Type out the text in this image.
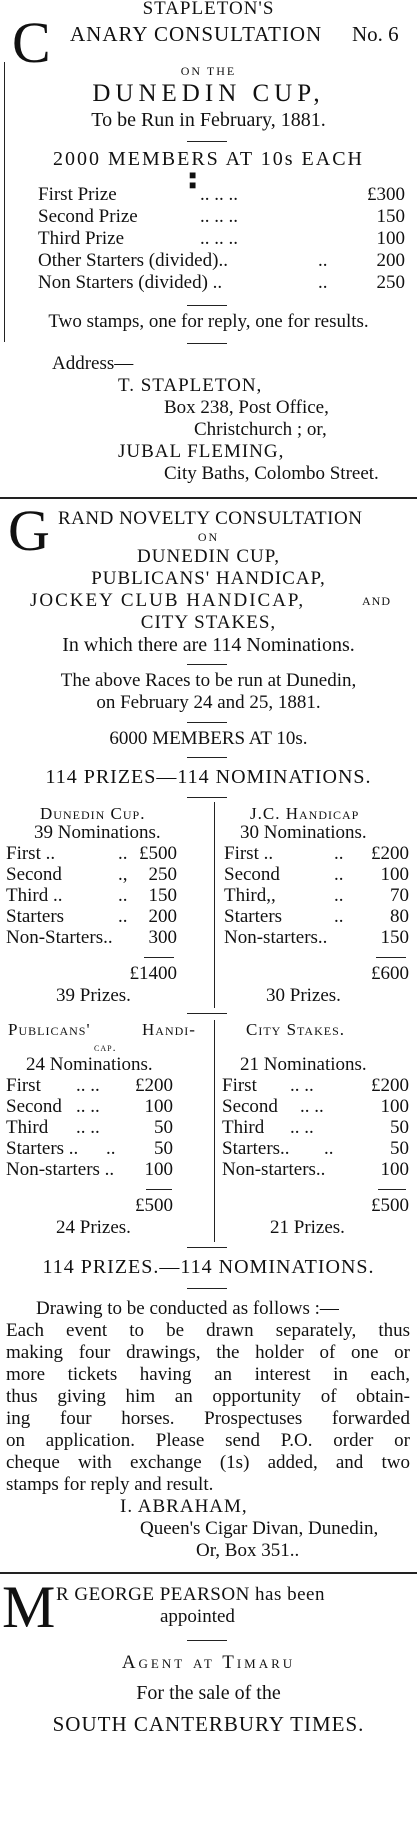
STAPLETON'S
C ANARY CONSULTATION No. 6
ON THE
DUNEDIN CUP,
To be Run in February, 1881.
2000 MEMBERS AT 10s EACH
■
■
First Prize	.. .. ..	£300
Second Prize	.. .. ..	150
Third Prize	.. .. ..	100
Other Starters (divided)..	..	200
Non Starters (divided) ..	..	250
Two stamps, one for reply, one for results.
Address—
T. STAPLETON,
Box 238, Post Office,
Christchurch ; or,
JUBAL FLEMING,
City Baths, Colombo Street.
G RAND NOVELTY CONSULTATION
ON
DUNEDIN CUP,
PUBLICANS' HANDICAP,
JOCKEY CLUB HANDICAP,	AND
CITY STAKES,
In which there are 114 Nominations.
The above Races to be run at Dunedin,
on February 24 and 25, 1881.
6000 MEMBERS AT 10s.
114 PRIZES—114 NOMINATIONS.
Dunedin Cup.
39 Nominations.
First ..	.. £500
Second	., 250
Third ..	.. 150
Starters	.. 200
Non-Starters.. 300
£1400
39 Prizes.
J.C. Handicap
30 Nominations.
First ..	.. £200
Second	.. 100
Third,,	.. 70
Starters	.. 80
Non-starters..	150
£600
30 Prizes.
Publicans'	Handi-
cap.
24 Nominations.
First .. .. £200
Second .. .. 100
Third .. ..	50
Starters .. .. 50
Non-starters .. 100
£500
24 Prizes.
City Stakes.
21 Nominations.
First .. ..	£200
Second .. ..	100
Third .. ..	50
Starters.. ..	50
Non-starters..	100
£500
21 Prizes.
114 PRIZES.—114 NOMINATIONS.
Drawing to be conducted as follows :—
Each event to be drawn separately, thus
making four drawings, the holder of one or
more tickets having an interest in each,
thus giving him an opportunity of obtain-
ing four horses. Prospectuses forwarded
on application. Please send P.O. order or
cheque with exchange (1s) added, and two
stamps for reply and result.
I. ABRAHAM,
Queen's Cigar Divan, Dunedin,
Or, Box 351..
M R GEORGE PEARSON has been
appointed
Agent at Timaru
For the sale of the
SOUTH CANTERBURY TIMES.
